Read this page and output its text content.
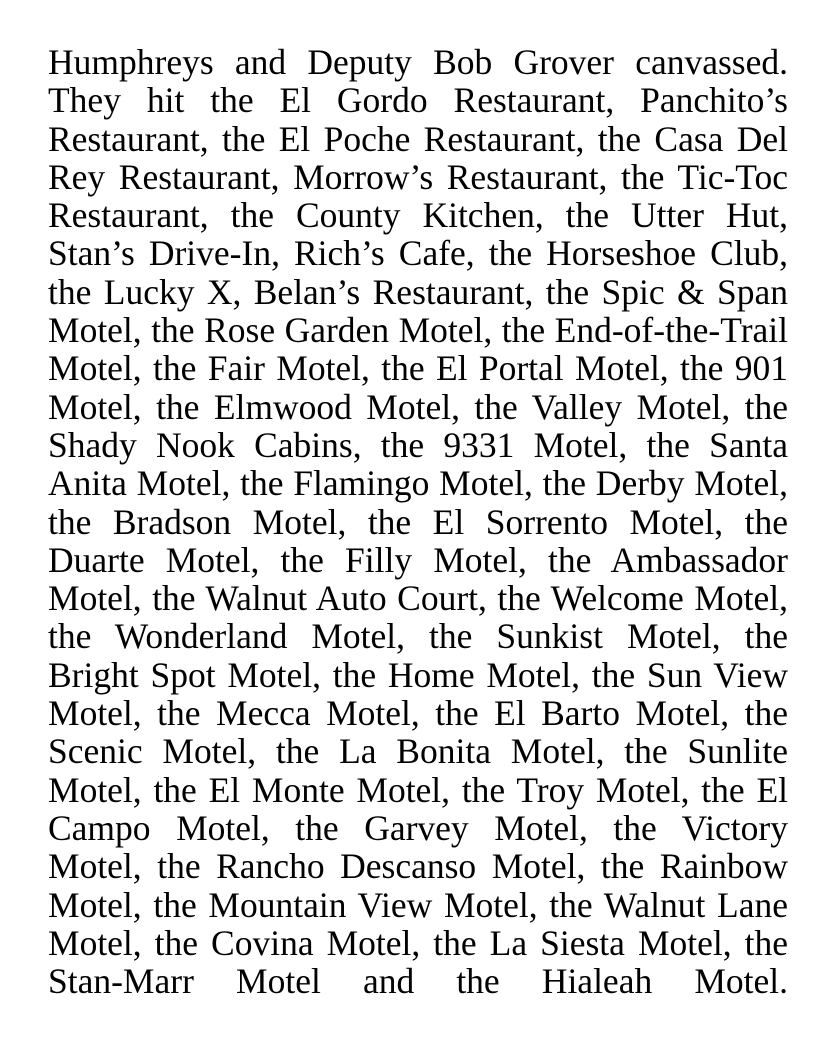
Humphreys and Deputy Bob Grover canvassed. They hit the El Gordo Restaurant, Panchito’s Restaurant, the El Poche Restaurant, the Casa Del Rey Restaurant, Morrow’s Restaurant, the Tic-Toc Restaurant, the County Kitchen, the Utter Hut, Stan’s Drive-In, Rich’s Cafe, the Horseshoe Club, the Lucky X, Belan’s Restaurant, the Spic & Span Motel, the Rose Garden Motel, the End-of-the-Trail Motel, the Fair Motel, the El Portal Motel, the 901 Motel, the Elmwood Motel, the Valley Motel, the Shady Nook Cabins, the 9331 Motel, the Santa Anita Motel, the Flamingo Motel, the Derby Motel, the Bradson Motel, the El Sorrento Motel, the Duarte Motel, the Filly Motel, the Ambassador Motel, the Walnut Auto Court, the Welcome Motel, the Wonderland Motel, the Sunkist Motel, the Bright Spot Motel, the Home Motel, the Sun View Motel, the Mecca Motel, the El Barto Motel, the Scenic Motel, the La Bonita Motel, the Sunlite Motel, the El Monte Motel, the Troy Motel, the El Campo Motel, the Garvey Motel, the Victory Motel, the Rancho Descanso Motel, the Rainbow Motel, the Mountain View Motel, the Walnut Lane Motel, the Covina Motel, the La Siesta Motel, the Stan-Marr Motel and the Hialeah Motel.
